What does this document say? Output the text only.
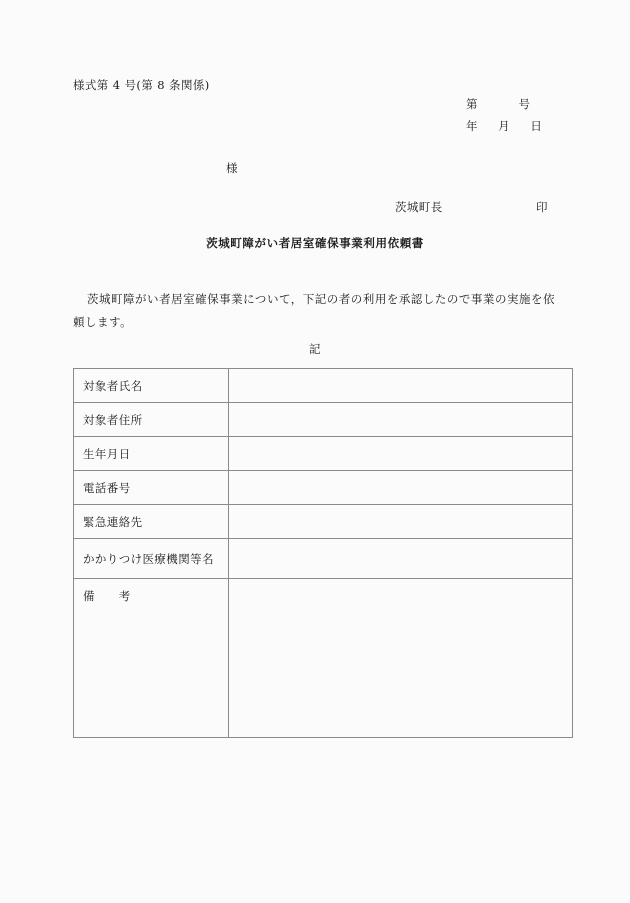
様式第 4 号(第 8 条関係)
第          号
年     月     日
様
茨城町長	印
茨城町障がい者居室確保事業利用依頼書
茨城町障がい者居室確保事業について，下記の者の利用を承認したので事業の実施を依頼します。
記
対象者氏名	
対象者住所	
生年月日	
電話番号	
緊急連絡先	
かかりつけ医療機関等名	
備　　考	
